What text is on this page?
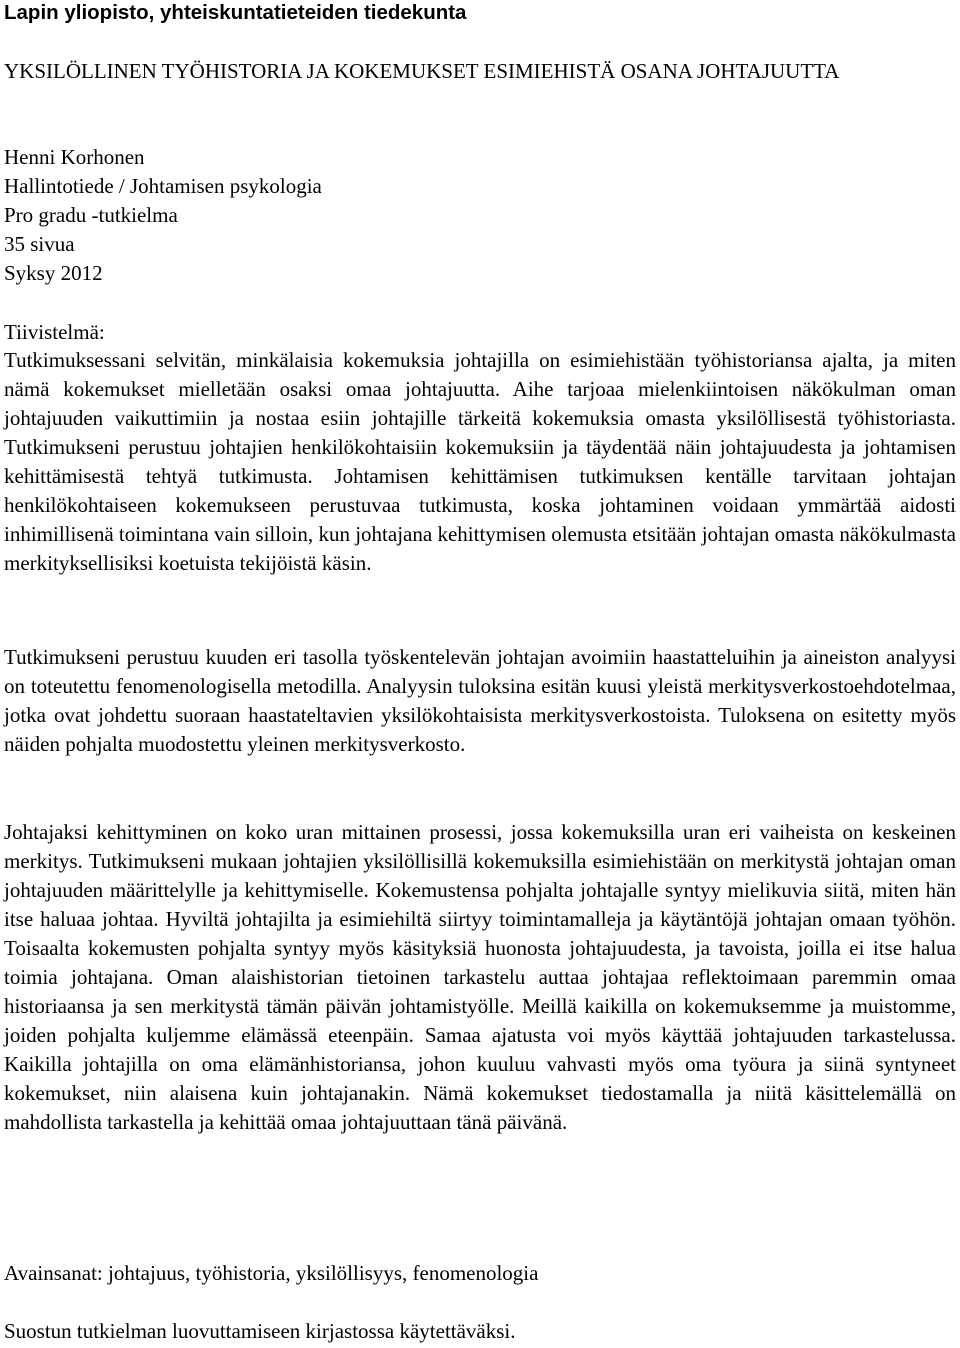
Lapin yliopisto, yhteiskuntatieteiden tiedekunta
YKSILÖLLINEN TYÖHISTORIA JA KOKEMUKSET ESIMIEHISTÄ OSANA JOHTAJUUTTA
Henni Korhonen
Hallintotiede / Johtamisen psykologia
Pro gradu -tutkielma
35 sivua
Syksy 2012
Tiivistelmä:

Tutkimuksessani selvitän, minkälaisia kokemuksia johtajilla on esimiehistään työhistoriansa ajalta, ja miten nämä kokemukset mielletään osaksi omaa johtajuutta. Aihe tarjoaa mielenkiintoisen näkökulman oman johtajuuden vaikuttimiin ja nostaa esiin johtajille tärkeitä kokemuksia omasta yksilöllisestä työhistoriasta. Tutkimukseni perustuu johtajien henkilökohtaisiin kokemuksiin ja täydentää näin johtajuudesta ja johtamisen kehittämisestä tehtyä tutkimusta. Johtamisen kehittämisen tutkimuksen kentälle tarvitaan johtajan henkilökohtaiseen kokemukseen perustuvaa tutkimusta, koska johtaminen voidaan ymmärtää aidosti inhimillisenä toimintana vain silloin, kun johtajana kehittymisen olemusta etsitään johtajan omasta näkökulmasta merkityksellisiksi koetuista tekijöistä käsin.

Tutkimukseni perustuu kuuden eri tasolla työskentelevän johtajan avoimiin haastatteluihin ja aineiston analyysi on toteutettu fenomenologisella metodilla. Analyysin tuloksina esitän kuusi yleistä merkitysverkostoehdotelmaa, jotka ovat johdettu suoraan haastateltavien yksilökohtaisista merkitysverkostoista. Tuloksena on esitetty myös näiden pohjalta muodostettu yleinen merkitysverkosto.

Johtajaksi kehittyminen on koko uran mittainen prosessi, jossa kokemuksilla uran eri vaiheista on keskeinen merkitys. Tutkimukseni mukaan johtajien yksilöllisillä kokemuksilla esimiehistään on merkitystä johtajan oman johtajuuden määrittelylle ja kehittymiselle. Kokemustensa pohjalta johtajalle syntyy mielikuvia siitä, miten hän itse haluaa johtaa. Hyviltä johtajilta ja esimiehiltä siirtyy toimintamalleja ja käytäntöjä johtajan omaan työhön. Toisaalta kokemusten pohjalta syntyy myös käsityksiä huonosta johtajuudesta, ja tavoista, joilla ei itse halua toimia johtajana. Oman alaishistorian tietoinen tarkastelu auttaa johtajaa reflektoimaan paremmin omaa historiaansa ja sen merkitystä tämän päivän johtamistyölle. Meillä kaikilla on kokemuksemme ja muistomme, joiden pohjalta kuljemme elämässä eteenpäin. Samaa ajatusta voi myös käyttää johtajuuden tarkastelussa. Kaikilla johtajilla on oma elämänhistoriansa, johon kuuluu vahvasti myös oma työura ja siinä syntyneet kokemukset, niin alaisena kuin johtajanakin. Nämä kokemukset tiedostamalla ja niitä käsittelemällä on mahdollista tarkastella ja kehittää omaa johtajuuttaan tänä päivänä.

Avainsanat: johtajuus, työhistoria, yksilöllisyys, fenomenologia
Suostun tutkielman luovuttamiseen kirjastossa käytettäväksi.
